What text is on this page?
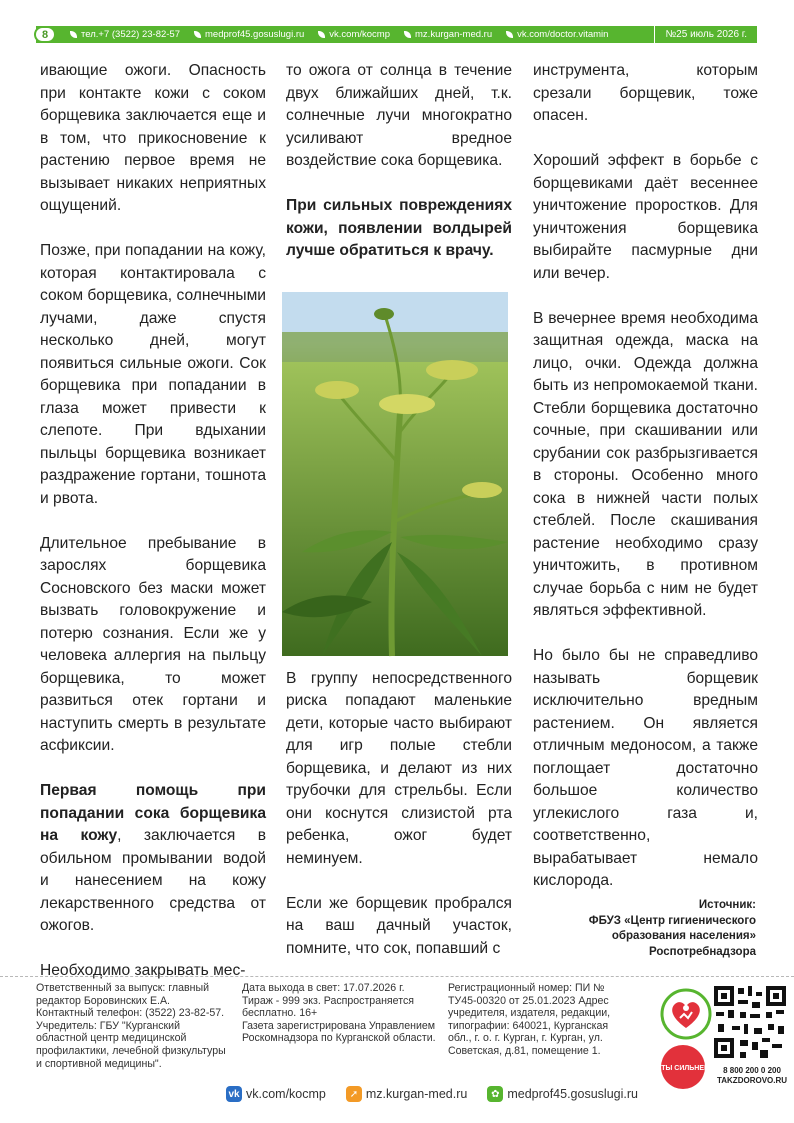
8	тел.+7 (3522) 23-82-57	medprof45.gosuslugi.ru	vk.com/kocmp	mz.kurgan-med.ru	vk.com/doctor.vitamin	№25 июль 2026 г.

ивающие ожоги. Опасность при контакте кожи с соком борщевика заключается еще и в том, что прикосновение к растению первое время не вызывает никаких неприятных ощущений.

Позже, при попадании на кожу, которая контактировала с соком борщевика, солнечными лучами, даже спустя несколько дней, могут появиться сильные ожоги. Сок борщевика при попадании в глаза может привести к слепоте. При вдыхании пыльцы борщевика возникает раздражение гортани, тошнота и рвота.

Длительное пребывание в зарослях борщевика Сосновского без маски может вызвать головокружение и потерю сознания. Если же у человека аллергия на пыльцу борщевика, то может развиться отек гортани и наступить смерть в результате асфиксии.

Первая помощь при попадании сока борщевика на кожу, заключается в обильном промывании водой и нанесением на кожу лекарственного средства от ожогов.

Необходимо закрывать мес-

то ожога от солнца в течение двух ближайших дней, т.к. солнечные лучи многократно усиливают вредное воздействие сока борщевика.

При сильных повреждениях кожи, появлении волдырей лучше обратиться к врачу.

В группу непосредственного риска попадают маленькие дети, которые часто выбирают для игр полые стебли борщевика, и делают из них трубочки для стрельбы. Если они коснутся слизистой рта ребенка, ожог будет неминуем.

Если же борщевик пробрался на ваш дачный участок, помните, что сок, попавший с

инструмента, которым срезали борщевик, тоже опасен.

Хороший эффект в борьбе с борщевиками даёт весеннее уничтожение проростков. Для уничтожения борщевика выбирайте пасмурные дни или вечер.

В вечернее время необходима защитная одежда, маска на лицо, очки. Одежда должна быть из непромокаемой ткани. Стебли борщевика достаточно сочные, при скашивании или срубании сок разбрызгивается в стороны. Особенно много сока в нижней части полых стеблей. После скашивания растение необходимо сразу уничтожить, в противном случае борьба с ним не будет являться эффективной.

Но было бы не справедливо называть борщевик исключительно вредным растением. Он является отличным медоносом, а также поглощает достаточно большое количество углекислого газа и, соответственно, вырабатывает немало кислорода.

Источник:
ФБУЗ «Центр гигиенического
образования населения»
Роспотребнадзора
Ответственный за выпуск: главный редактор Боровинских Е.А. Контактный телефон: (3522) 23-82-57. Учредитель: ГБУ "Курганский областной центр медицинской профилактики, лечебной физкультуры и спортивной медицины".
Дата выхода в свет: 17.07.2026 г.
Тираж - 999 экз. Распространяется бесплатно. 16+
Газета зарегистрирована Управлением Роскомнадзора по Курганской области.
Регистрационный номер: ПИ № ТУ45-00320 от 25.01.2023 Адрес учредителя, издателя, редакции, типографии: 640021, Курганская обл., г. о. г. Курган, г. Курган, ул. Советская, д.81, помещение 1.
vk vk.com/kocmp	➚ mz.kurgan-med.ru	✿ medprof45.gosuslugi.ru
#ТЫ СИЛЬНЕЕ	8 800 200 0 200
TAKZDOROVO.RU
